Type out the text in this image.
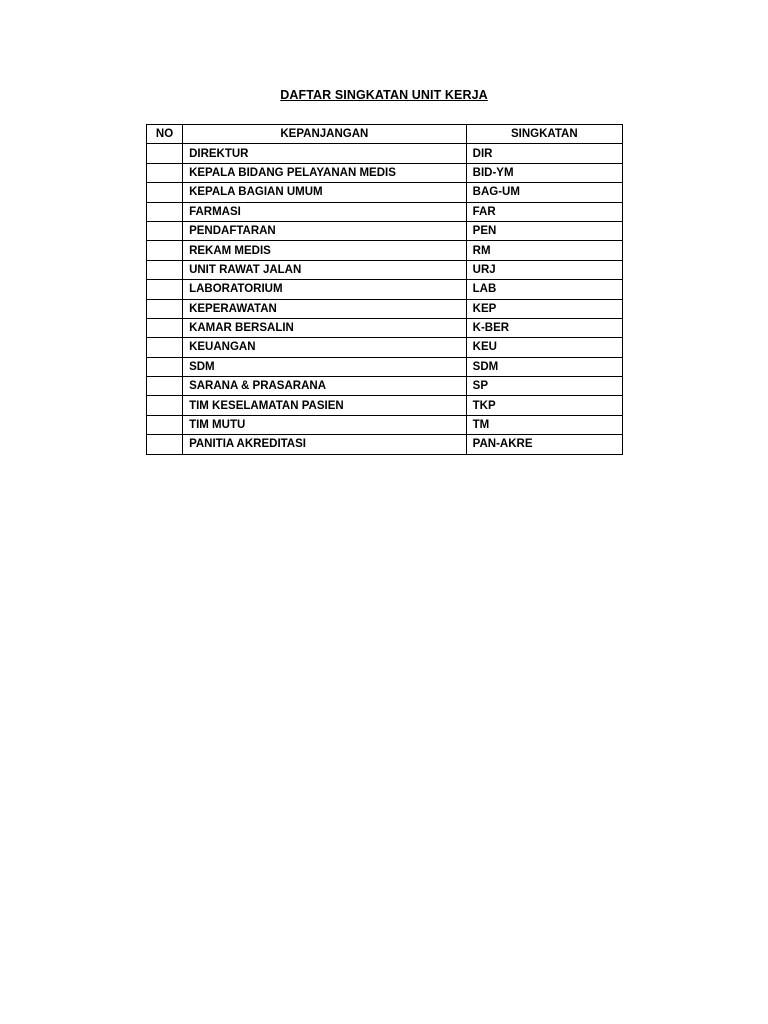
DAFTAR SINGKATAN UNIT KERJA
NO	KEPANJANGAN	SINGKATAN
	DIREKTUR	DIR
	KEPALA BIDANG PELAYANAN MEDIS	BID-YM
	KEPALA BAGIAN UMUM	BAG-UM
	FARMASI	FAR
	PENDAFTARAN	PEN
	REKAM MEDIS	RM
	UNIT RAWAT JALAN	URJ
	LABORATORIUM	LAB
	KEPERAWATAN	KEP
	KAMAR BERSALIN	K-BER
	KEUANGAN	KEU
	SDM	SDM
	SARANA & PRASARANA	SP
	TIM KESELAMATAN PASIEN	TKP
	TIM MUTU	TM
	PANITIA AKREDITASI	PAN-AKRE
